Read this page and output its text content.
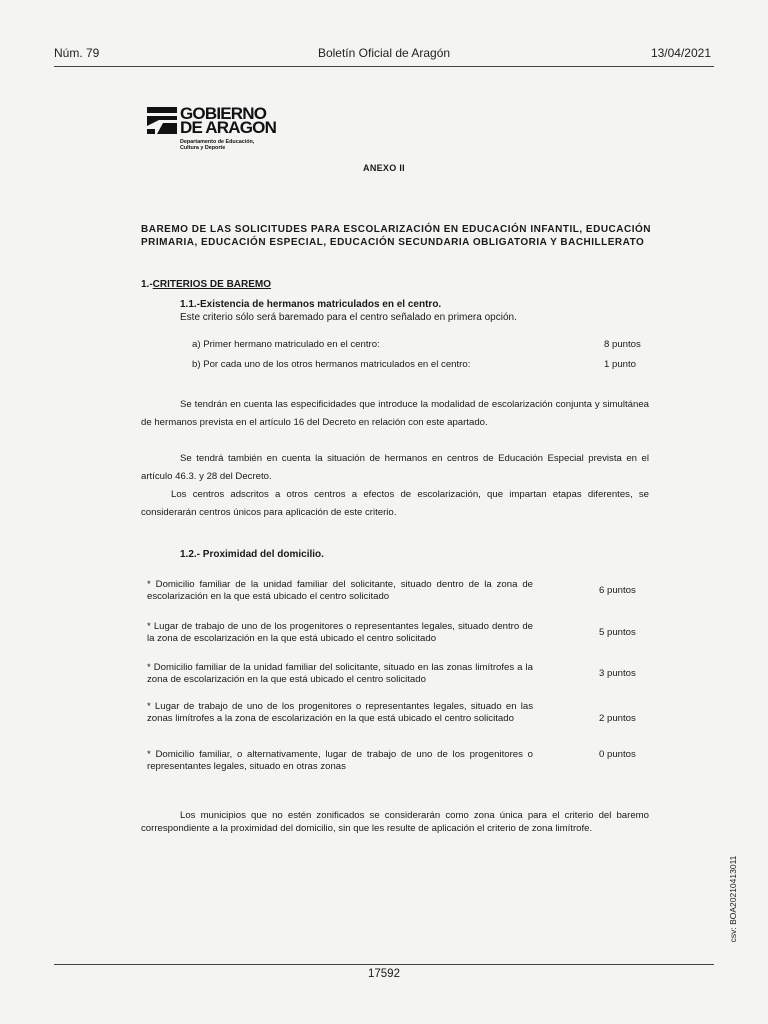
Núm. 79	Boletín Oficial de Aragón	13/04/2021
GOBIERNO
DE ARAGON
Departamento de Educación,
Cultura y Deporte
ANEXO II
BAREMO DE LAS SOLICITUDES PARA ESCOLARIZACIÓN EN EDUCACIÓN INFANTIL, EDUCACIÓN PRIMARIA, EDUCACIÓN ESPECIAL, EDUCACIÓN SECUNDARIA OBLIGATORIA Y BACHILLERATO
1.-CRITERIOS DE BAREMO
1.1.-Existencia de hermanos matriculados en el centro.
Este criterio sólo será baremado para el centro señalado en primera opción.
a) Primer hermano matriculado en el centro:	8 puntos
b) Por cada uno de los otros hermanos matriculados en el centro:	1 punto
Se tendrán en cuenta las especificidades que introduce la modalidad de escolarización conjunta y simultánea de hermanos prevista en el artículo 16 del Decreto en relación con este apartado.
Se tendrá también en cuenta la situación de hermanos en centros de Educación Especial prevista en el artículo 46.3. y 28 del Decreto.
Los centros adscritos a otros centros a efectos de escolarización, que impartan etapas diferentes, se considerarán centros únicos para aplicación de este criterio.
1.2.- Proximidad del domicilio.
* Domicilio familiar de la unidad familiar del solicitante, situado dentro de la zona de escolarización en la que está ubicado el centro solicitado
6 puntos
* Lugar de trabajo de uno de los progenitores o representantes legales, situado dentro de la zona de escolarización en la que está ubicado el centro solicitado
5 puntos
* Domicilio familiar de la unidad familiar del solicitante, situado en las zonas limítrofes a la zona de escolarización en la que está ubicado el centro solicitado
3 puntos
* Lugar de trabajo de uno de los progenitores o representantes legales, situado en las zonas limítrofes a la zona de escolarización en la que está ubicado el centro solicitado	2 puntos
* Domicilio familiar, o alternativamente, lugar de trabajo de uno de los progenitores o representantes legales, situado en otras zonas
0 puntos
Los municipios que no estén zonificados se considerarán como zona única para el criterio del baremo correspondiente a la proximidad del domicilio, sin que les resulte de aplicación el criterio de zona limítrofe.
csv: BOA20210413011
17592
